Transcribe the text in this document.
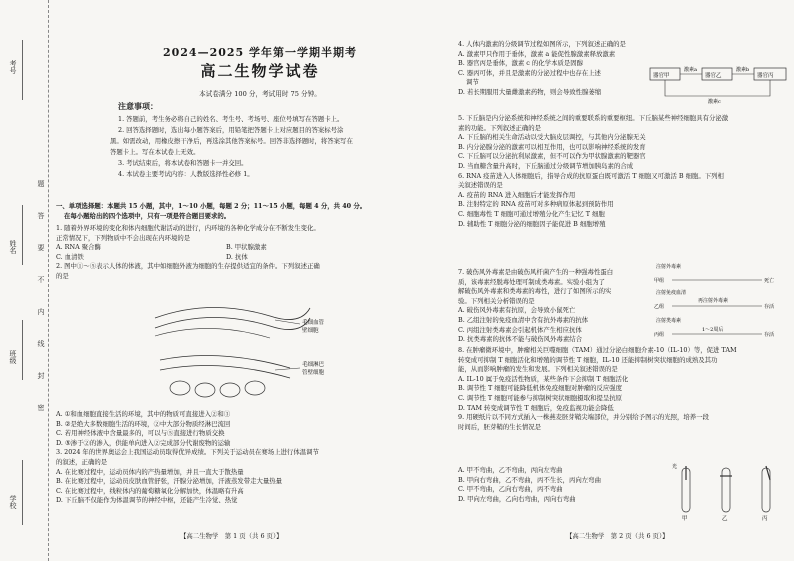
考号
姓名
班级
学校
题
答
要
不
内
线
封
密
2024—2025 学年第一学期半期考
高二生物学试卷
本试卷满分 100 分，考试用时 75 分钟。
注意事项：

1. 答题前，考生务必将自己的姓名、考生号、考场号、座位号填写在答题卡上。

2. 回答选择题时，选出每小题答案后，用铅笔把答题卡上对应题目的答案标号涂

黑。如需改动，用橡皮擦干净后，再选涂其他答案标号。回答非选择题时，将答案写在

答题卡上。写在本试卷上无效。

3. 考试结束后，将本试卷和答题卡一并交回。

4. 本试卷主要考试内容：人教版选择性必修 1。

一、单项选择题：本题共 15 小题，其中，1～10 小题，每题 2 分；11～15 小题，每题 4 分，共 40 分。

在每小题给出的四个选项中，只有一项是符合题目要求的。

1. 随着外界环境的变化和体内细胞代谢活动的进行，内环境的各种化学成分在不断发生变化。

正常情况下，下列物质中不会出现在内环境的是

A. RNA 聚合酶	B. 甲状腺激素
C. 血清铁	D. 抗体

2. 图中①～⑤表示人体的体液，其中如细胞外液为细胞的生存提供适宜的条件。下列叙述正确

的是

毛细血管
壁细胞
毛细淋巴
管壁细胞

A. ①和血细胞直接生活的环境，其中的物质可直接进入②和③

B. ②是绝大多数细胞生活的环境，②中大部分物质经淋巴流回

C. 若用神经体液中含量最多的，可以与⑤直接进行物质交换

D. ⑤渗于②的渗入，供能单向进入②完成部分代谢废物的运输

3. 2024 年的世界奥运会上我国运动员取得优异成绩。下列关于运动员在赛场上进行体温调节

的叙述，正确的是

A. 在比赛过程中，运动员体内的产热量增加，并且一直大于散热量

B. 在比赛过程中，运动员皮肤血管舒张，汗腺分泌增加，汗液蒸发带走大量热量

C. 在比赛过程中，线粒体内的葡萄糖氧化分解加快，体温略有升高

D. 下丘脑不仅能作为体温调节的神经中枢，还能产生冷觉、热觉

【高二生物学　第 1 页（共 6 页）】

4. 人体内激素的分级调节过程如图所示，下列叙述正确的是

A. 激素甲只作用于垂体，激素 a 能促性腺激素释放激素

B. 器官丙是垂体，激素 c 的化学本质是固醇

C. 器丙可体，并且是激素的分泌过程中也存在上述

调节

D. 若长期服用大量雌激素药物，则会导致性腺萎缩

器官甲	器官乙	器官丙
激素a	激素b
激素c

5. 下丘脑是内分泌系统和神经系统之间的重要联系的重要枢纽。下丘脑某些神经细胞具有分泌激

素的功能。下列叙述正确的是

A. 下丘脑的相关生命活动以受大脑皮层调控，与其他内分泌腺无关

B. 内分泌腺分泌的激素可以相互作用，也可以影响神经系统的发育

C. 下丘脑可以分泌抗利尿激素，但不可以作为甲状腺激素的靶器官

D. 当血糖含量升高时，下丘脑通过分级调节增加胰岛素的合成

6. RNA 疫苗进入人体细胞后，指导合成的抗原蛋白既可激活 T 细胞又可激活 B 细胞。下列相

关叙述错误的是

A. 疫苗的 RNA 进入细胞后才能发挥作用

B. 注射特定的 RNA 疫苗可对多种病原体起到预防作用

C. 细胞毒性 T 细胞可通过增殖分化产生记忆 T 细胞

D. 辅助性 T 细胞分泌的细胞因子能促进 B 细胞增殖

7. 破伤风外毒素是由破伤风杆菌产生的一种强毒性蛋白

质，该毒素经脱毒处理可制成类毒素。实验小组为了

解破伤风外毒素和类毒素的毒性，进行了如图所示的实

验。下列相关分析错误的是

A. 破伤风外毒素有抗原，会导致小鼠死亡

B. 乙组注射的免疫血清中含有抗外毒素的抗体

C. 丙组注射类毒素会引起机体产生相应抗体

D. 抗类毒素的抗体不能与破伤风外毒素结合

注射外毒素
甲组	死亡
注射免疫血清
乙组
再注射外毒素
存活
注射类毒素
丙组
1～2周后
存活

8. 在肿瘤微环境中，肿瘤相关巨噬细胞（TAM）通过分泌白细胞介素-10（IL-10）等，促进 TAM

转变成可抑制 T 细胞活化和增殖的调节性 T 细胞，IL-10 还能抑制树突状细胞的成熟及其功

能，从而影响肿瘤的发生和发展。下列相关叙述错误的是

A. IL-10 属于免疫活性物质，某些条件下会抑制 T 细胞活化

B. 调节性 T 细胞可能降低机体免疫细胞对肿瘤的反应强度

C. 调节性 T 细胞可能参与抑制树突状细胞摄取和提呈抗原

D. TAM 转变成调节性 T 细胞后，免疫监视功能会降低

9. 用硬纸片以不同方式插入一株燕麦胚芽鞘尖端部位，并分别给予图示的光照，培养一段

时间后，胚芽鞘的生长情况是

A. 甲不弯曲，乙不弯曲，丙向左弯曲

B. 甲向右弯曲，乙不弯曲，丙不生长，丙向左弯曲

C. 甲不弯曲，乙向右弯曲，丙不弯曲

D. 甲向左弯曲，乙向右弯曲，丙向右弯曲

光
甲	乙	丙
【高二生物学　第 2 页（共 6 页）】
